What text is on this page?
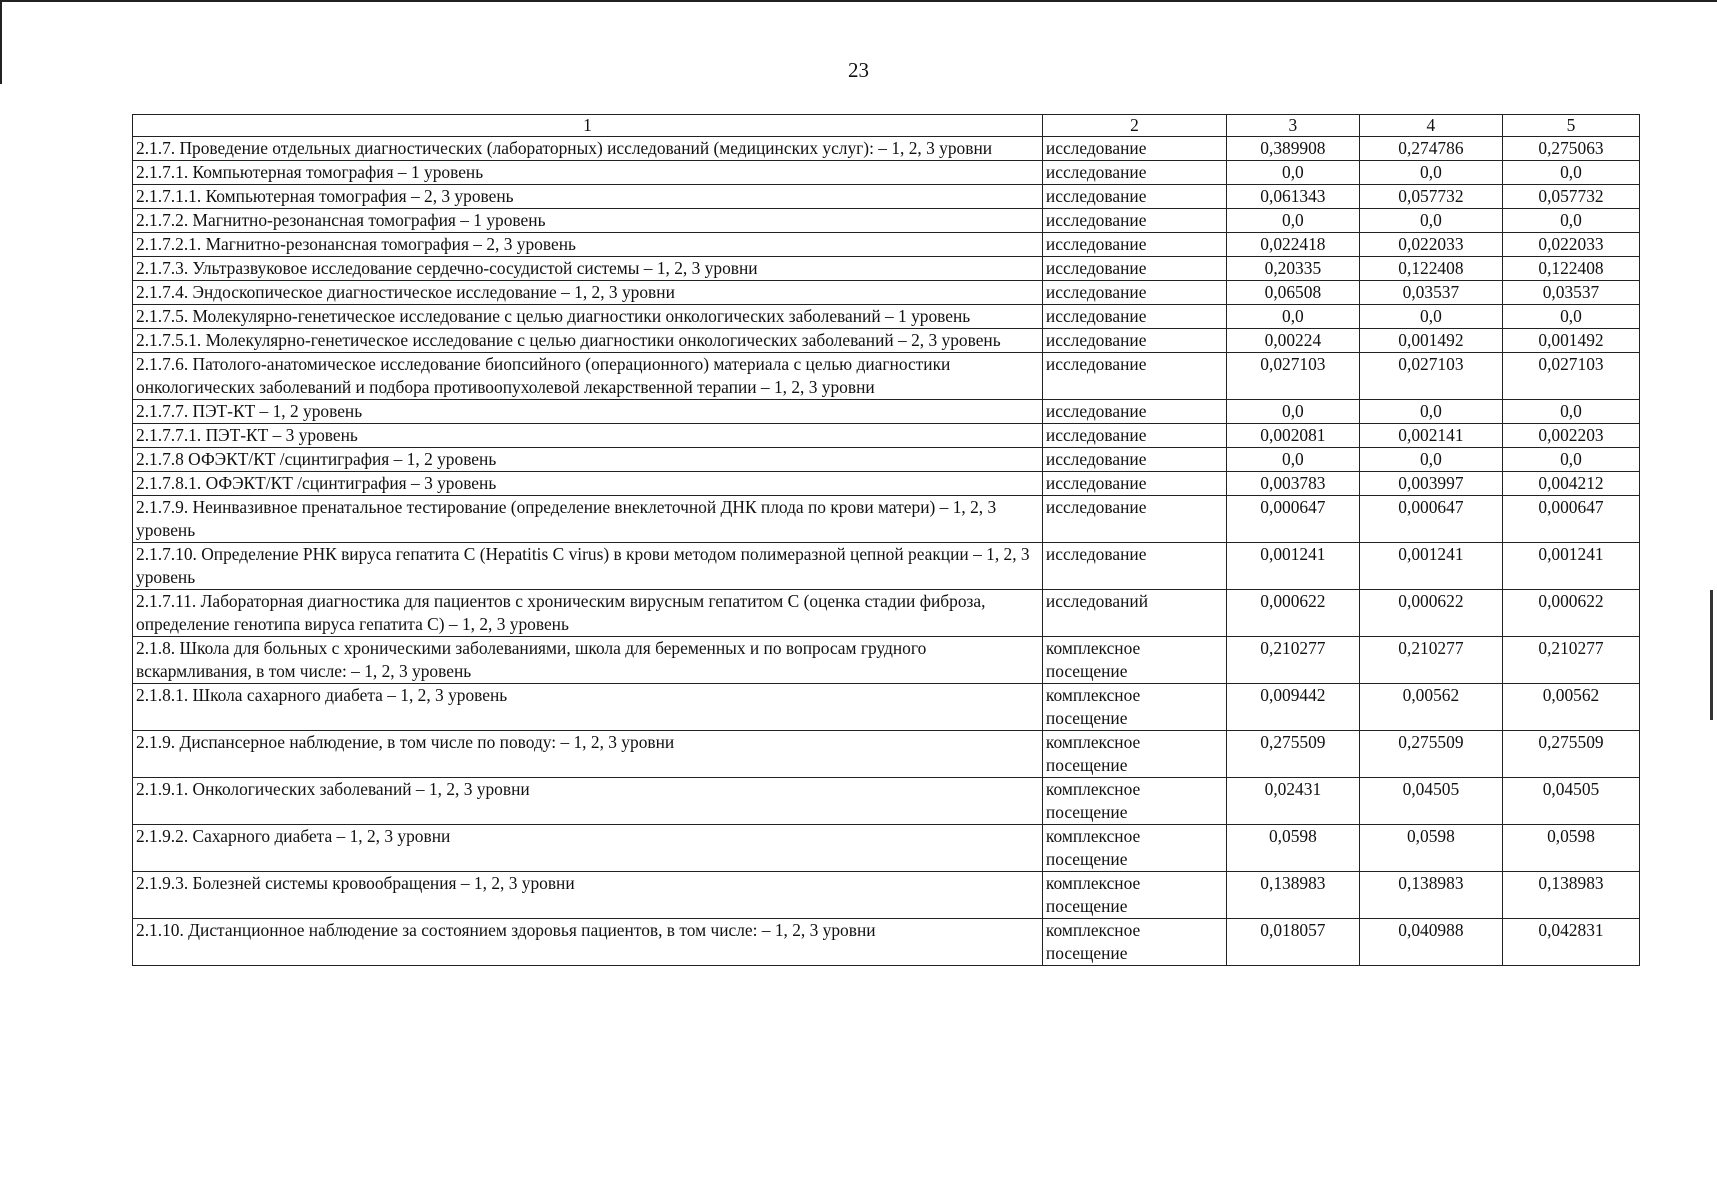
23
1	2	3	4	5
2.1.7. Проведение отдельных диагностических (лабораторных) исследований (медицинских услуг): – 1, 2, 3 уровни	исследование	0,389908	0,274786	0,275063
2.1.7.1. Компьютерная томография – 1 уровень	исследование	0,0	0,0	0,0
2.1.7.1.1. Компьютерная томография – 2, 3 уровень	исследование	0,061343	0,057732	0,057732
2.1.7.2. Магнитно-резонансная томография – 1 уровень	исследование	0,0	0,0	0,0
2.1.7.2.1. Магнитно-резонансная томография – 2, 3 уровень	исследование	0,022418	0,022033	0,022033
2.1.7.3. Ультразвуковое исследование сердечно-сосудистой системы – 1, 2, 3 уровни	исследование	0,20335	0,122408	0,122408
2.1.7.4. Эндоскопическое диагностическое исследование – 1, 2, 3 уровни	исследование	0,06508	0,03537	0,03537
2.1.7.5. Молекулярно-генетическое исследование с целью диагностики онкологических заболеваний – 1 уровень	исследование	0,0	0,0	0,0
2.1.7.5.1. Молекулярно-генетическое исследование с целью диагностики онкологических заболеваний – 2, 3 уровень	исследование	0,00224	0,001492	0,001492
2.1.7.6. Патолого-анатомическое исследование биопсийного (операционного) материала с целью диагностики онкологических заболеваний и подбора противоопухолевой лекарственной терапии – 1, 2, 3 уровни	исследование	0,027103	0,027103	0,027103
2.1.7.7. ПЭТ-КТ – 1, 2 уровень	исследование	0,0	0,0	0,0
2.1.7.7.1. ПЭТ-КТ – 3 уровень	исследование	0,002081	0,002141	0,002203
2.1.7.8 ОФЭКТ/КТ /сцинтиграфия – 1, 2 уровень	исследование	0,0	0,0	0,0
2.1.7.8.1. ОФЭКТ/КТ /сцинтиграфия – 3 уровень	исследование	0,003783	0,003997	0,004212
2.1.7.9. Неинвазивное пренатальное тестирование (определение внеклеточной ДНК плода по крови матери) – 1, 2, 3 уровень	исследование	0,000647	0,000647	0,000647
2.1.7.10. Определение РНК вируса гепатита С (Hepatitis C virus) в крови методом полимеразной цепной реакции – 1, 2, 3 уровень	исследование	0,001241	0,001241	0,001241
2.1.7.11. Лабораторная диагностика для пациентов с хроническим вирусным гепатитом С (оценка стадии фиброза, определение генотипа вируса гепатита С) – 1, 2, 3 уровень	исследований	0,000622	0,000622	0,000622
2.1.8. Школа для больных с хроническими заболеваниями, школа для беременных и по вопросам грудного вскармливания, в том числе: – 1, 2, 3 уровень	комплексное посещение	0,210277	0,210277	0,210277
2.1.8.1. Школа сахарного диабета – 1, 2, 3 уровень	комплексное посещение	0,009442	0,00562	0,00562
2.1.9. Диспансерное наблюдение, в том числе по поводу: – 1, 2, 3 уровни	комплексное посещение	0,275509	0,275509	0,275509
2.1.9.1. Онкологических заболеваний – 1, 2, 3 уровни	комплексное посещение	0,02431	0,04505	0,04505
2.1.9.2. Сахарного диабета – 1, 2, 3 уровни	комплексное посещение	0,0598	0,0598	0,0598
2.1.9.3. Болезней системы кровообращения – 1, 2, 3 уровни	комплексное посещение	0,138983	0,138983	0,138983
2.1.10. Дистанционное наблюдение за состоянием здоровья пациентов, в том числе: – 1, 2, 3 уровни	комплексное посещение	0,018057	0,040988	0,042831
